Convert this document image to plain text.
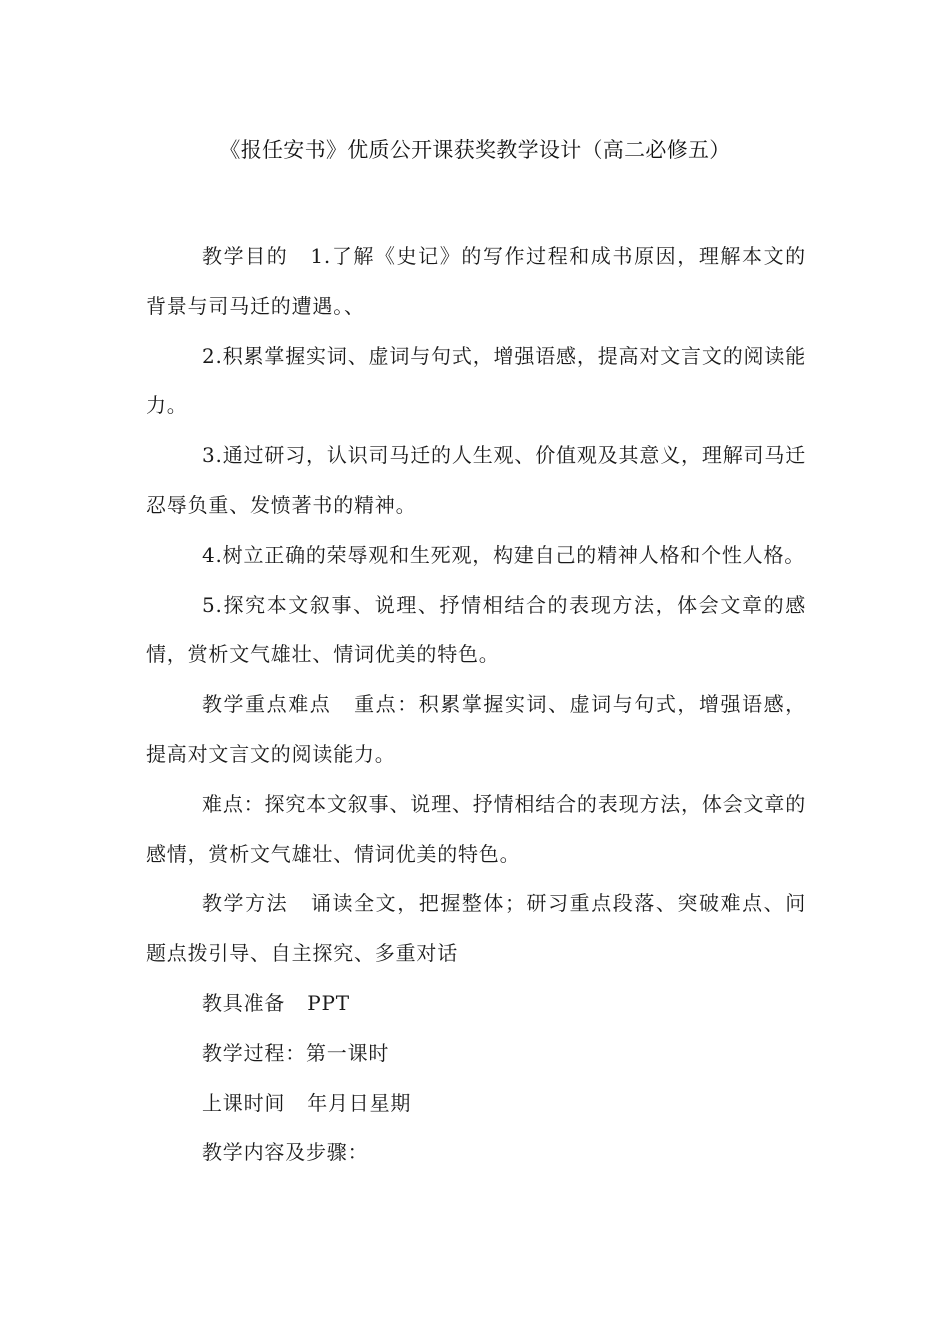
《报任安书》优质公开课获奖教学设计（高二必修五）

教学目的 1.了解《史记》的写作过程和成书原因，理解本文的背景与司马迁的遭遇。、

2.积累掌握实词、虚词与句式，增强语感，提高对文言文的阅读能力。

3.通过研习，认识司马迁的人生观、价值观及其意义，理解司马迁忍辱负重、发愤著书的精神。

4.树立正确的荣辱观和生死观，构建自己的精神人格和个性人格。

5.探究本文叙事、说理、抒情相结合的表现方法，体会文章的感情，赏析文气雄壮、情词优美的特色。

教学重点难点 重点：积累掌握实词、虚词与句式，增强语感，提高对文言文的阅读能力。

难点：探究本文叙事、说理、抒情相结合的表现方法，体会文章的感情，赏析文气雄壮、情词优美的特色。

教学方法 诵读全文，把握整体；研习重点段落、突破难点、问题点拨引导、自主探究、多重对话

教具准备 PPT

教学过程：第一课时

上课时间 年月日星期

教学内容及步骤：
